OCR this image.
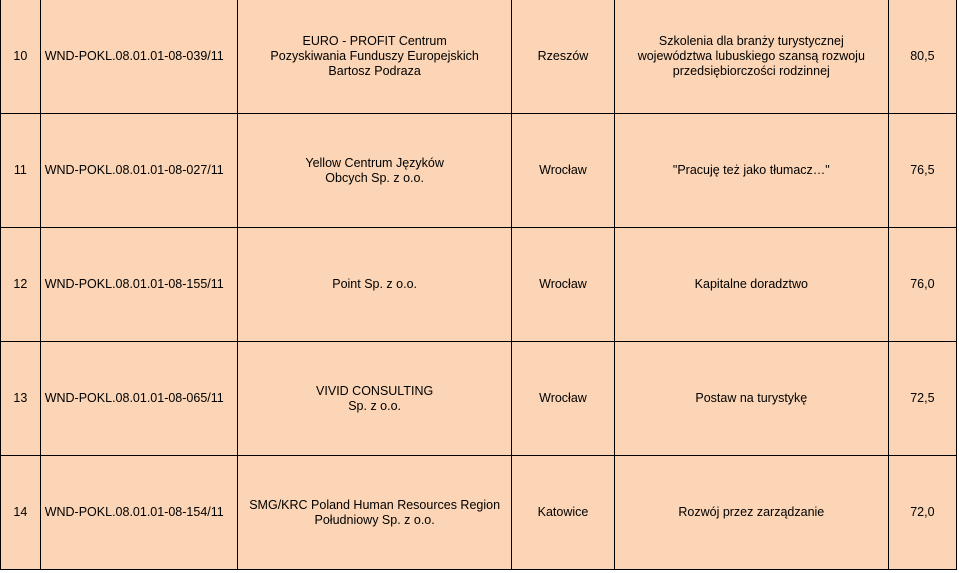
10	WND-POKL.08.01.01-08-039/11	EURO - PROFIT Centrum
Pozyskiwania Funduszy Europejskich
Bartosz Podraza	Rzeszów	Szkolenia dla branży turystycznej
województwa lubuskiego szansą rozwoju
przedsiębiorczości rodzinnej	80,5
11	WND-POKL.08.01.01-08-027/11	Yellow Centrum Języków
Obcych Sp. z o.o.	Wrocław	"Pracuję też jako tłumacz…"	76,5
12	WND-POKL.08.01.01-08-155/11	Point Sp. z o.o.	Wrocław	Kapitalne doradztwo	76,0
13	WND-POKL.08.01.01-08-065/11	VIVID CONSULTING
Sp. z o.o.	Wrocław	Postaw na turystykę	72,5
14	WND-POKL.08.01.01-08-154/11	SMG/KRC Poland Human Resources Region
Południowy Sp. z o.o.	Katowice	Rozwój przez zarządzanie	72,0
